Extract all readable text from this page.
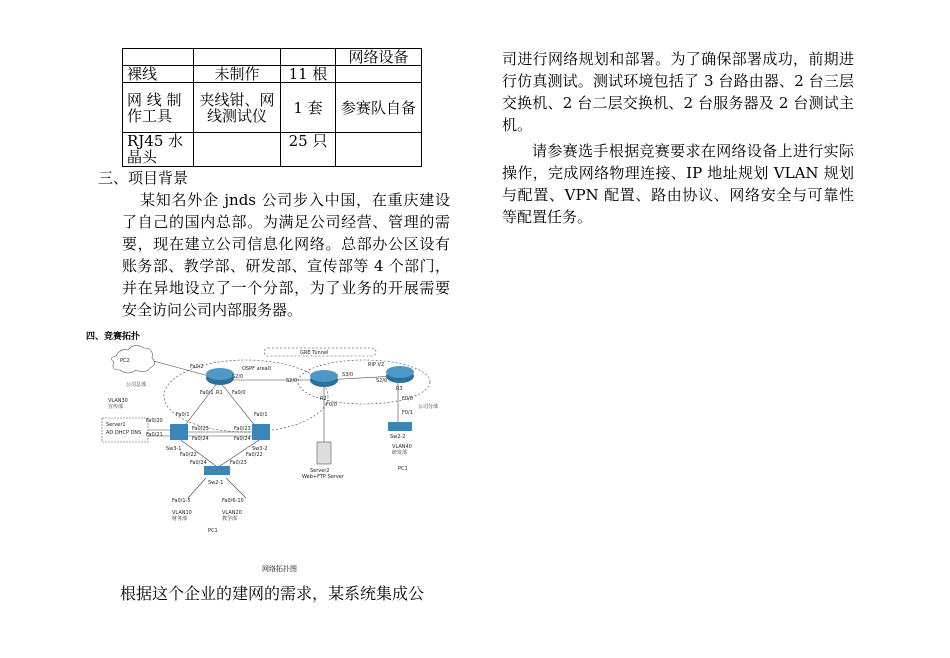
			网络设备
裸线	未制作	11 根	
网 线 制作工具	夹线钳、网线测试仪	1 套	参赛队自备
RJ45 水晶头		25 只	

三、项目背景

某知名外企 jnds 公司步入中国，在重庆建设了自己的国内总部。为满足公司经营、管理的需要，现在建立公司信息化网络。总部办公区设有账务部、教学部、研发部、宣传部等 4 个部门，并在异地设立了一个分部，为了业务的开展需要安全访问公司内部服务器。

四、竞赛拓扑

PC2
公司总部
GRE Tunnel
RIP V2
OSPF area0
R1
R2
R3
VLAN30
宣传部
Server1
AD DHCP DNS
Sw3-1	Sw3-2
Sw2-1
Sw2-2
Server2
Web+FTP Server
公司分部
VLAN40
研发部
PC1
VLAN10
财务部
VLAN20
教学部
PC1
Fa0/2
S2/0
Fa0/1	Fa0/0
S2/0
S3/0
F0/0
S2/0
F0/0
F0/1
Fa0/1
Fa0/20
Fa0/21
Fa0/23
Fa0/24
Fa0/22
Fa0/1
Fa0/23
Fa0/24
Fa0/22
Fa0/24	Fa0/23
Fa0/1-5	Fa0/6-10
网络拓扑图
根据这个企业的建网的需求，某系统集成公

司进行网络规划和部署。为了确保部署成功，前期进行仿真测试。测试环境包括了 3 台路由器、2 台三层交换机、2 台二层交换机、2 台服务器及 2 台测试主机。

请参赛选手根据竞赛要求在网络设备上进行实际操作，完成网络物理连接、IP 地址规划 VLAN 规划与配置、VPN 配置、路由协议、网络安全与可靠性等配置任务。
